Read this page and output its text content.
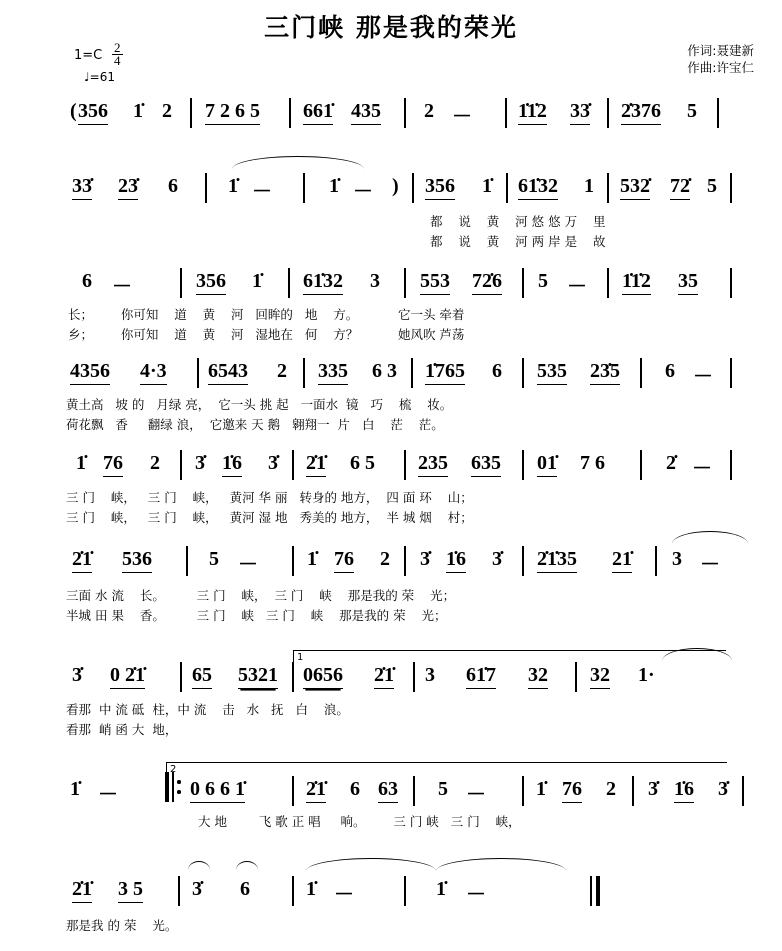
三门峡 那是我的荣光
作词:聂建新
作曲:许宝仁
$1=C \frac{2}{4}$
♩=61
356
(	1̇ 2 7 2 6 5 661̇ 435 2 － 1̇1̇2 33̇ 2̇376 5
33̇ 23̇ 6	1̇ －	1̇ － ) 356 1̇ 61̇32 1 532̇ 72̇ 5
都    说    黄    河 悠 悠 万    里
都    说    黄    河 两 岸 是    故
6 －	356 1̇ 61̇32 3 553 72̇6 5 － 1̇1̇2 35
长；       你可知    道    黄    河   回眸的   地    方。          它一头 牵着
乡；       你可知    道    黄    河   湿地在   何    方？          她风吹 芦荡
4356 4·3 6543 2 335 6 3 1̇765 6 535 23̇5 6 －
黄土高   坡 的   月绿 亮，  它一头 挑 起   一面水  镜   巧    梳    妆。
荷花飘   香     翻绿 浪，  它邀来 天 鹅   翱翔一  片   白    茫    茫。
1̇ 76 2 3̇ 1̇6 3̇ 2̇1̇ 6 5 235 635 01̇ 7 6	2̇ －
三 门    峡，   三 门    峡，   黄河 华 丽   转身的 地方，  四 面 环    山；
三 门    峡，   三 门    峡，   黄河 湿 地   秀美的 地方，  半 城 烟    村；
2̇1̇ 536	5 － 1̇ 76 2 3̇ 1̇6 3̇ 2̇1̇35 21̇ 3 －
三面 水 流    长。        三 门    峡，  三 门    峡    那是我的 荣    光；
半城 田 果    香。        三 门    峡   三 门    峡    那是我的 荣    光；
3̇ 0 2̇1̇ 65 5321 0656 2̇1̇ 3 61̇7 32 32 1·
1
看那  中 流 砥  柱，中 流    击   水   抚   白    浪。
看那  峭 函 大  地，
1̇ －	0 6 6 1̇	2̇1̇ 6 63 5 －	1̇ 76 2 3̇ 1̇6 3̇
2
大 地        飞 歌 正 唱     响。       三 门 峡   三 门    峡，
2̇1̇ 3 5 3̇ 6	1̇ －	1̇ －
那是我 的 荣    光。
